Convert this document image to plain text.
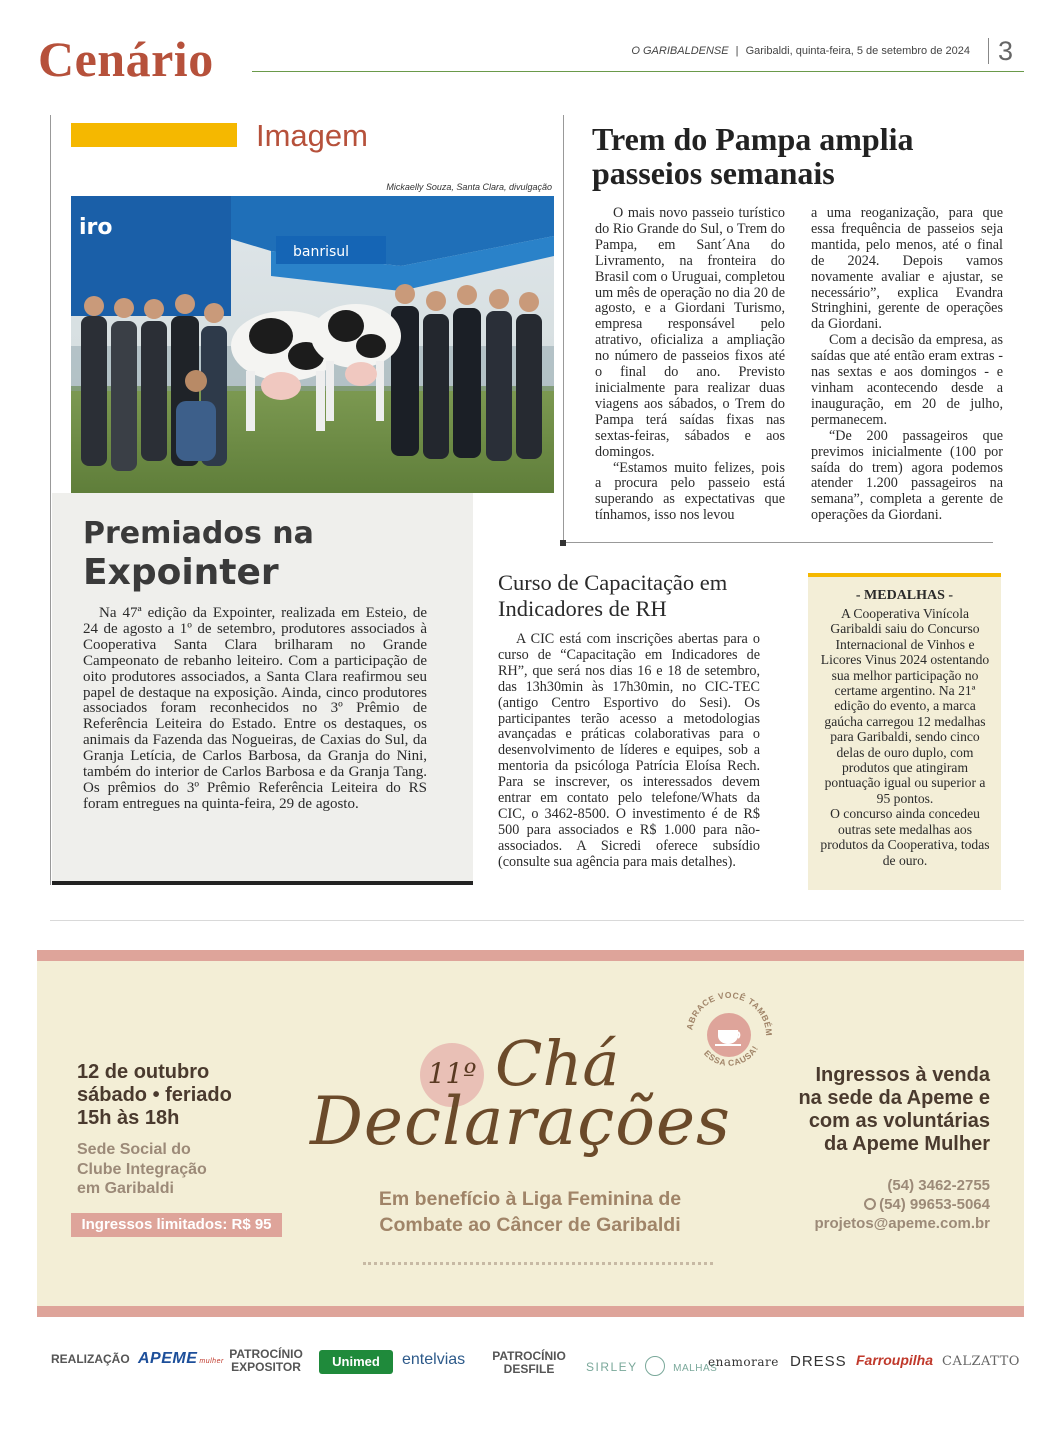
Cenário	O GARIBALDENSE | Garibaldi, quinta-feira, 5 de setembro de 2024 3
Imagem
Mickaelly Souza, Santa Clara, divulgação
iro
banrisul
Premiados na
Expointer

Na 47ª edição da Expointer, realizada em Esteio, de 24 de agosto a 1º de setembro, produtores associados à Cooperativa Santa Clara brilharam no Grande Campeonato de rebanho leiteiro. Com a participação de oito produtores associados, a Santa Clara reafirmou seu papel de destaque na exposição. Ainda, cinco produtores associados foram reconhecidos no 3º Prêmio de Referência Leiteira do Estado. Entre os destaques, os animais da Fazenda das Nogueiras, de Caxias do Sul, da Granja Letícia, de Carlos Barbosa, da Granja do Nini, também do interior de Carlos Barbosa e da Granja Tang. Os prêmios do 3º Prêmio Referência Leiteira do RS foram entregues na quinta-feira, 29 de agosto.

Trem do Pampa amplia passeios semanais

O mais novo passeio turístico do Rio Grande do Sul, o Trem do Pampa, em Sant´Ana do Livramento, na fronteira do Brasil com o Uruguai, completou um mês de operação no dia 20 de agosto, e a Giordani Turismo, empresa responsável pelo atrativo, oficializa a ampliação no número de passeios fixos até o final do ano. Previsto inicialmente para realizar duas viagens aos sábados, o Trem do Pampa terá saídas fixas nas sextas-feiras, sábados e aos domingos.

“Estamos muito felizes, pois a procura pelo passeio está superando as expectativas que tínhamos, isso nos levou

a uma reoganização, para que essa frequência de passeios seja mantida, pelo menos, até o final de 2024. Depois vamos novamente avaliar e ajustar, se necessário”, explica Evandra Stringhini, gerente de operações da Giordani.

Com a decisão da empresa, as saídas que até então eram extras - nas sextas e aos domingos - e vinham acontecendo desde a inauguração, em 20 de julho, permanecem.

“De 200 passageiros que previmos inicialmente (100 por saída do trem) agora podemos atender 1.200 passageiros na semana”, completa a gerente de operações da Giordani.

Curso de Capacitação em Indicadores de RH

A CIC está com inscrições abertas para o curso de “Capacitação em Indicadores de RH”, que será nos dias 16 e 18 de setembro, das 13h30min às 17h30min, no CIC-TEC (antigo Centro Esportivo do Sesi). Os participantes terão acesso a metodologias avançadas e práticas colaborativas para o desenvolvimento de líderes e equipes, sob a mentoria da psicóloga Patrícia Eloísa Rech. Para se inscrever, os interessados devem entrar em contato pelo telefone/Whats da CIC, o 3462-8500. O investimento é de R$ 500 para associados e R$ 1.000 para não-associados. A Sicredi oferece subsídio (consulte sua agência para mais detalhes).

- MEDALHAS -

A Cooperativa Vinícola Garibaldi saiu do Concurso Internacional de Vinhos e Licores Vinus 2024 ostentando sua melhor participação no certame argentino. Na 21ª edição do evento, a marca gaúcha carregou 12 medalhas para Garibaldi, sendo cinco delas de ouro duplo, com produtos que atingiram pontuação igual ou superior a 95 pontos.

O concurso ainda concedeu outras sete medalhas aos produtos da Cooperativa, todas de ouro.

12 de outubro
sábado • feriado
15h às 18h
Sede Social do
Clube Integração
em Garibaldi
Ingressos limitados: R$ 95
11º Chá
Declarações
Em benefício à Liga Feminina de
Combate ao Câncer de Garibaldi
ABRACE VOCÊ TAMBÉM
ESSA CAUSA!
Ingressos à venda
na sede da Apeme e
com as voluntárias
da Apeme Mulher
(54) 3462-2755
(54) 99653-5064
projetos@apeme.com.br
REALIZAÇÃO APEME mulher
PATROCÍNIO
EXPOSITOR	Unimed	entelvias PATROCÍNIO
DESFILE	SIRLEY	MALHAS
enamorare DRESS Farroupilha CALZATTO
